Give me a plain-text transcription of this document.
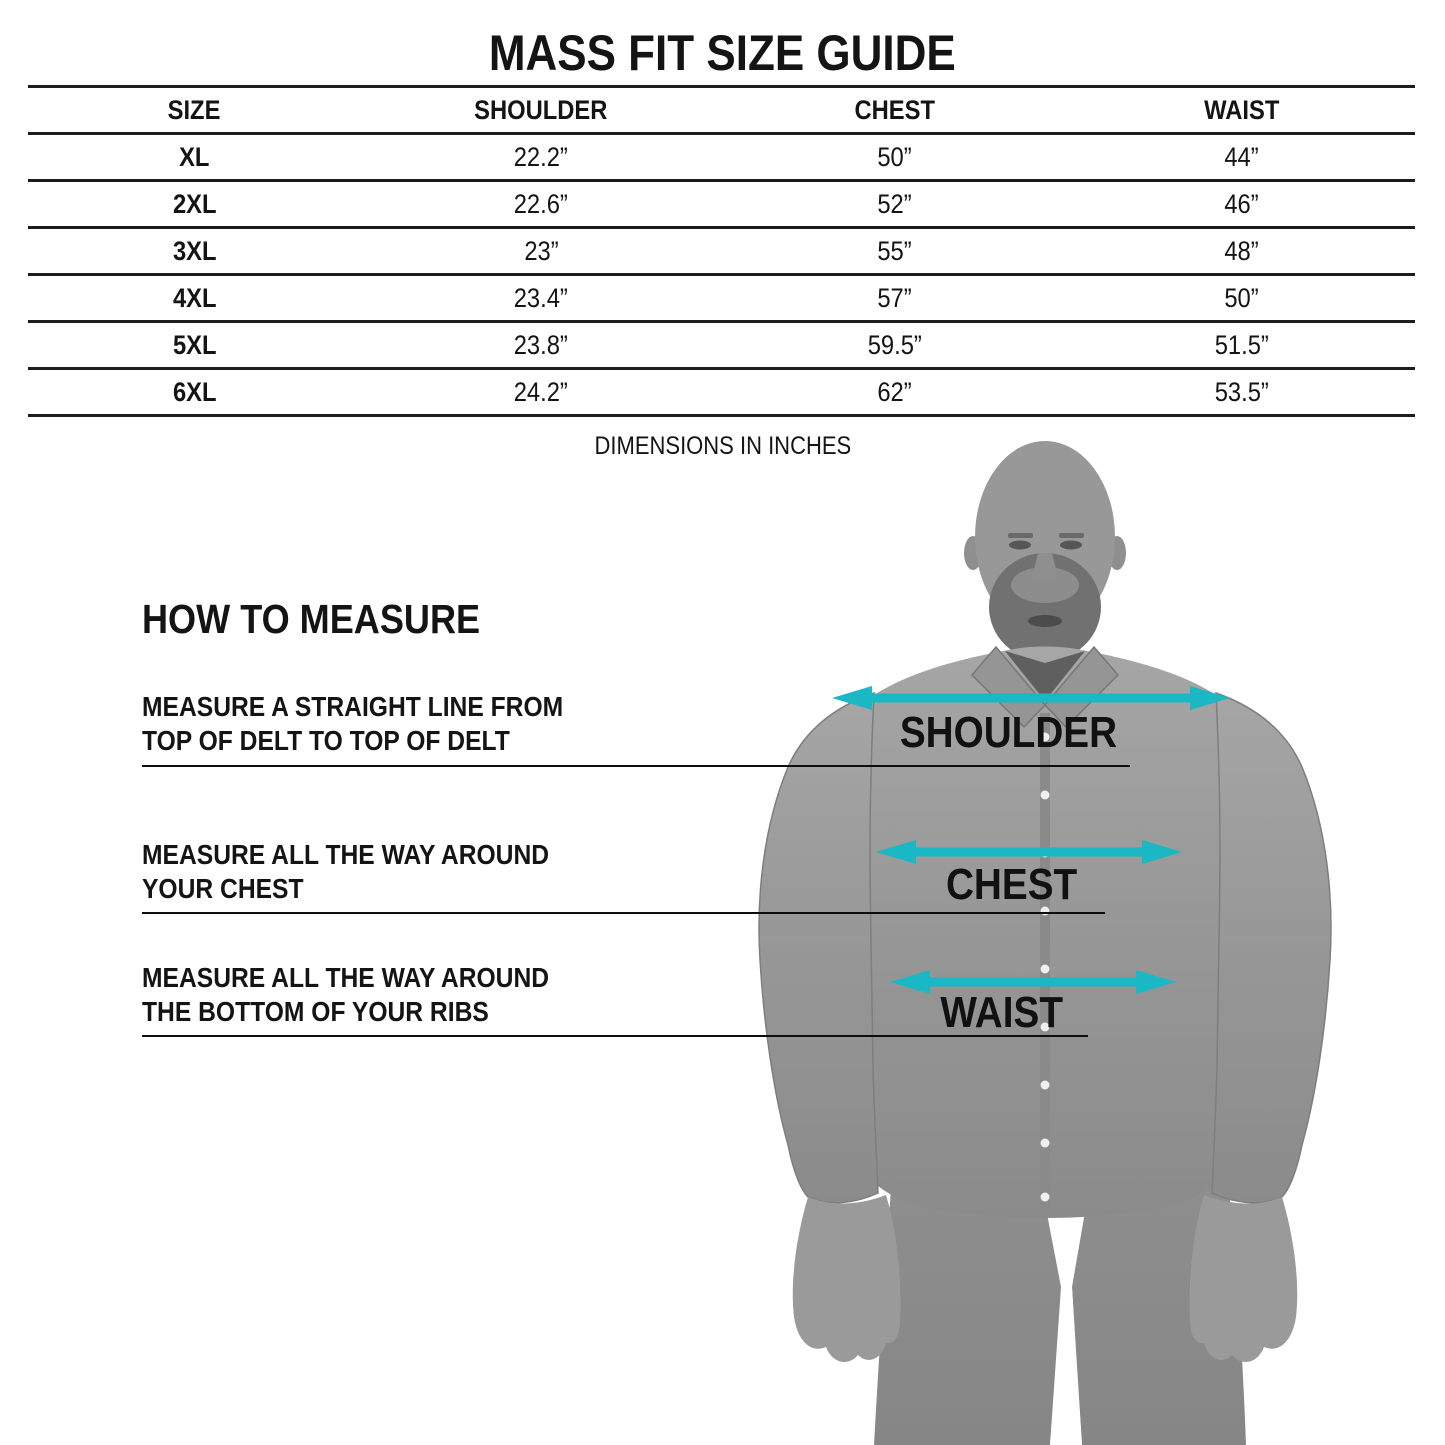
MASS FIT SIZE GUIDE
SIZE	SHOULDER	CHEST	WAIST
XL	22.2”	50”	44”
2XL	22.6”	52”	46”
3XL	23”	55”	48”
4XL	23.4”	57”	50”
5XL	23.8”	59.5”	51.5”
6XL	24.2”	62”	53.5”
DIMENSIONS IN INCHES
HOW TO MEASURE
MEASURE A STRAIGHT LINE FROM
TOP OF DELT TO TOP OF DELT
MEASURE ALL THE WAY AROUND
YOUR CHEST
MEASURE ALL THE WAY AROUND
THE BOTTOM OF YOUR RIBS
SHOULDER
CHEST
WAIST
